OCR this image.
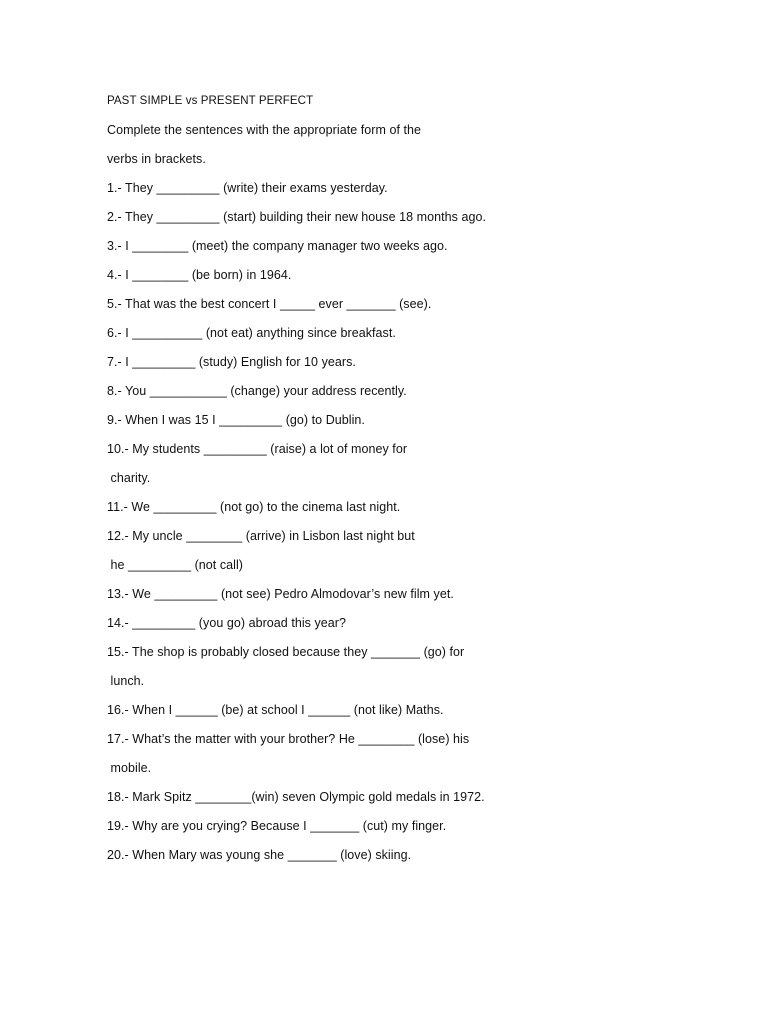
PAST SIMPLE vs PRESENT PERFECT
Complete the sentences with the appropriate form of the
verbs in brackets.
1.- They _________ (write) their exams yesterday.
2.- They _________ (start) building their new house 18 months ago.
3.- I ________ (meet) the company manager two weeks ago.
4.- I ________ (be born) in 1964.
5.- That was the best concert I _____ ever _______ (see).
6.- I __________ (not eat) anything since breakfast.
7.- I _________ (study) English for 10 years.
8.- You ___________ (change) your address recently.
9.- When I was 15 I _________ (go) to Dublin.
10.- My students _________ (raise) a lot of money for
charity.
11.- We _________ (not go) to the cinema last night.
12.- My uncle ________ (arrive) in Lisbon last night but
he _________ (not call)
13.- We _________ (not see) Pedro Almodovar’s new film yet.
14.- _________ (you go) abroad this year?
15.- The shop is probably closed because they _______ (go) for
lunch.
16.- When I ______ (be) at school I ______ (not like) Maths.
17.- What’s the matter with your brother? He ________ (lose) his
mobile.
18.- Mark Spitz ________(win) seven Olympic gold medals in 1972.
19.- Why are you crying? Because I _______ (cut) my finger.
20.- When Mary was young she _______ (love) skiing.
